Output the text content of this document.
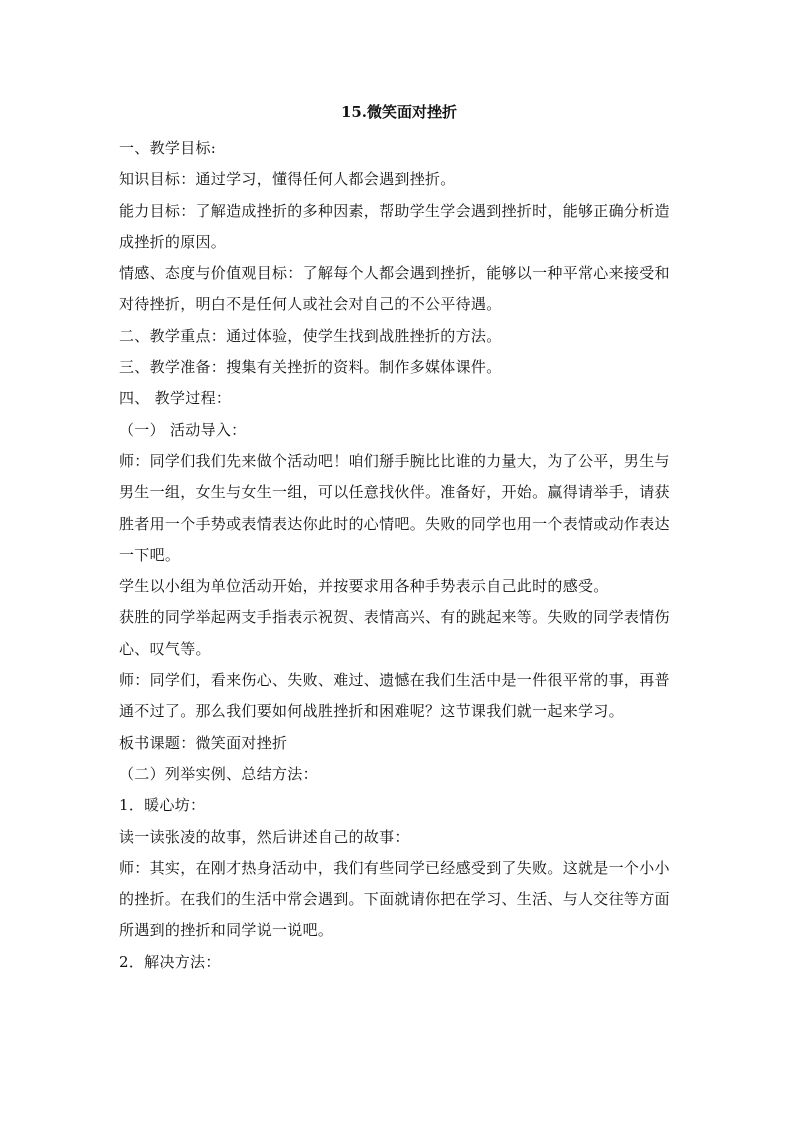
15.微笑面对挫折

一、教学目标:

知识目标：通过学习，懂得任何人都会遇到挫折。

能力目标：了解造成挫折的多种因素，帮助学生学会遇到挫折时，能够正确分析造成挫折的原因。

情感、态度与价值观目标：了解每个人都会遇到挫折，能够以一种平常心来接受和对待挫折，明白不是任何人或社会对自己的不公平待遇。

二、教学重点：通过体验，使学生找到战胜挫折的方法。

三、教学准备：搜集有关挫折的资料。制作多媒体课件。

四、 教学过程：

（一） 活动导入：

师：同学们我们先来做个活动吧！咱们掰手腕比比谁的力量大，为了公平，男生与男生一组，女生与女生一组，可以任意找伙伴。准备好，开始。赢得请举手，请获胜者用一个手势或表情表达你此时的心情吧。失败的同学也用一个表情或动作表达一下吧。

学生以小组为单位活动开始，并按要求用各种手势表示自己此时的感受。

获胜的同学举起两支手指表示祝贺、表情高兴、有的跳起来等。失败的同学表情伤心、叹气等。

师：同学们，看来伤心、失败、难过、遗憾在我们生活中是一件很平常的事，再普通不过了。那么我们要如何战胜挫折和困难呢？这节课我们就一起来学习。

板书课题：微笑面对挫折

（二）列举实例、总结方法：

1．暖心坊：

读一读张凌的故事，然后讲述自己的故事：

师：其实，在刚才热身活动中，我们有些同学已经感受到了失败。这就是一个小小的挫折。在我们的生活中常会遇到。下面就请你把在学习、生活、与人交往等方面所遇到的挫折和同学说一说吧。

2．解决方法：
